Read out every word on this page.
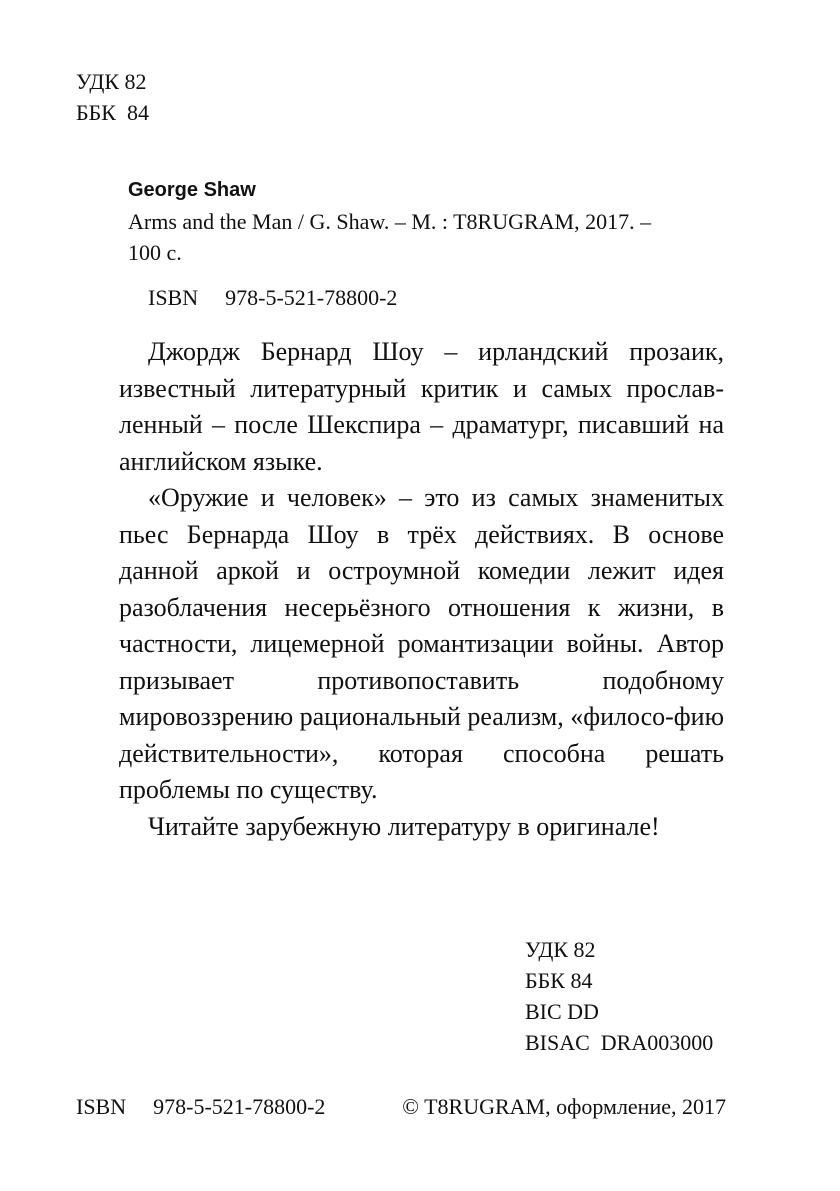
УДК 82
ББК  84
George Shaw
Arms and the Man / G. Shaw. – M. : T8RUGRAM, 2017. –
100 с.
ISBN  978-5-521-78800-2

Джордж Бернард Шоу – ирландский прозаик, известный литературный критик и самых прослав-ленный – после Шекспира – драматург, писавший на английском языке.

«Оружие и человек» – это из самых знаменитых пьес Бернарда Шоу в трёх действиях. В основе данной аркой и остроумной комедии лежит идея разоблачения несерьёзного отношения к жизни, в частности, лицемерной романтизации войны. Автор призывает противопоставить подобному мировоззрению рациональный реализм, «филосо-фию действительности», которая способна решать проблемы по существу.

Читайте зарубежную литературу в оригинале!

УДК 82
ББК 84
BIC DD
BISAC  DRA003000
ISBN  978-5-521-78800-2	© T8RUGRAM, оформление, 2017
